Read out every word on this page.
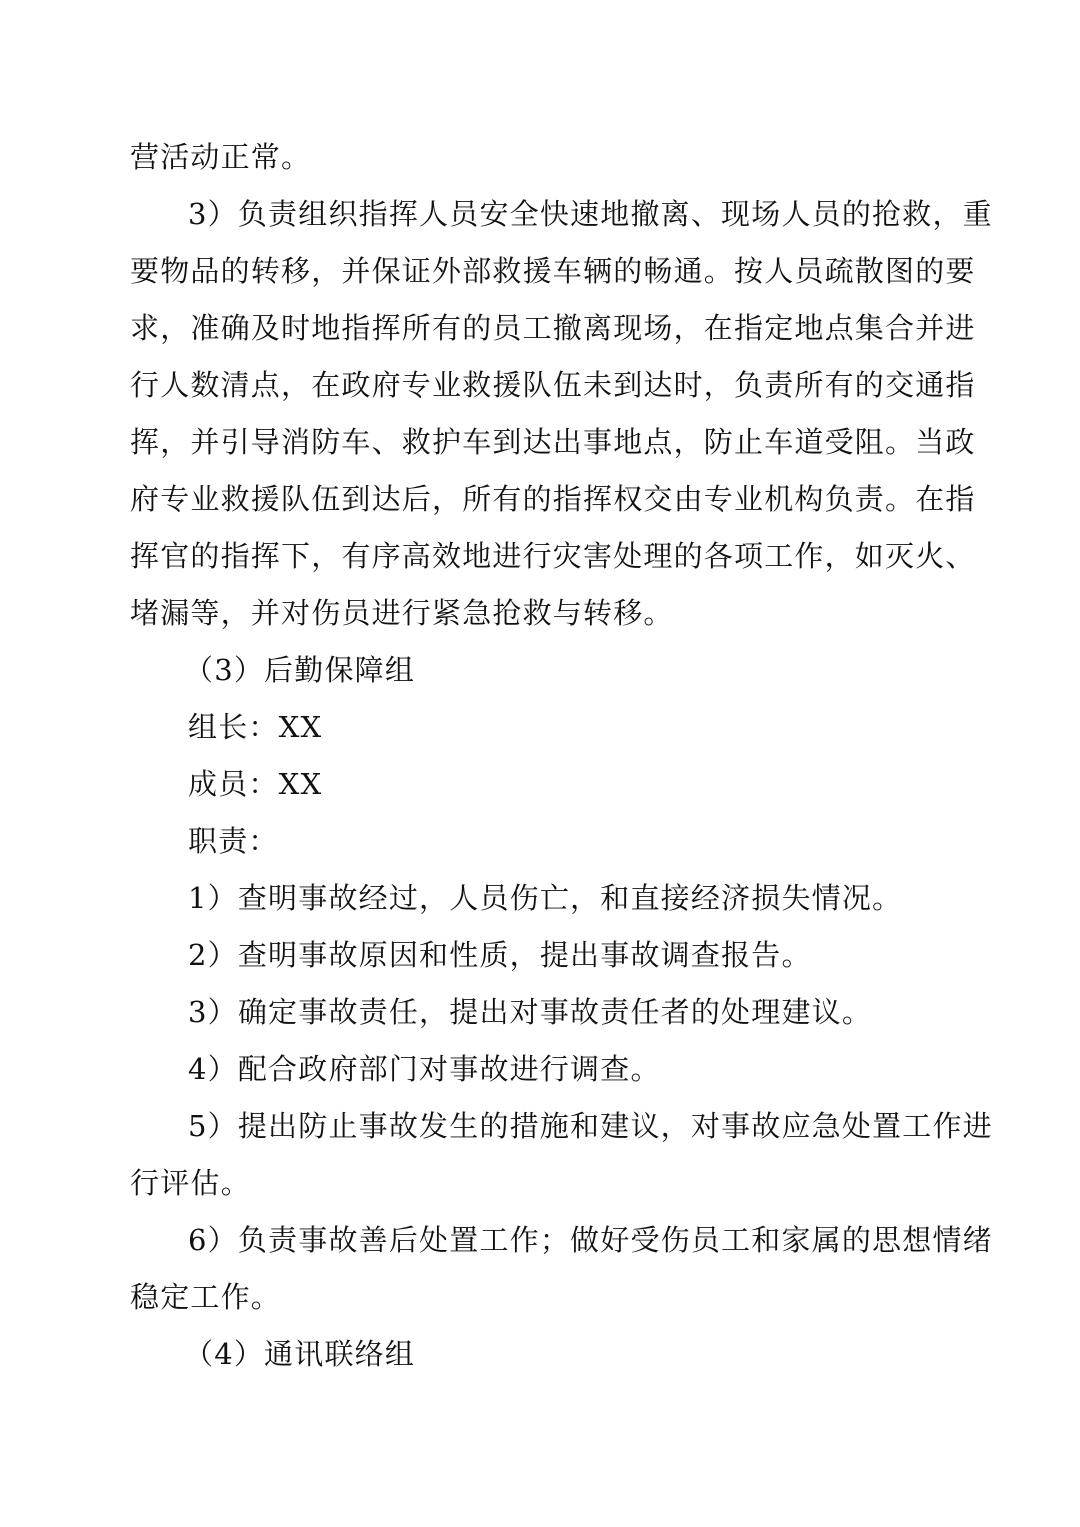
营活动正常。
3）负责组织指挥人员安全快速地撤离、现场人员的抢救，重
要物品的转移，并保证外部救援车辆的畅通。按人员疏散图的要
求，准确及时地指挥所有的员工撤离现场，在指定地点集合并进
行人数清点，在政府专业救援队伍未到达时，负责所有的交通指
挥，并引导消防车、救护车到达出事地点，防止车道受阻。当政
府专业救援队伍到达后，所有的指挥权交由专业机构负责。在指
挥官的指挥下，有序高效地进行灾害处理的各项工作，如灭火、
堵漏等，并对伤员进行紧急抢救与转移。
（3）后勤保障组
组长：XX
成员：XX
职责：
1）查明事故经过，人员伤亡，和直接经济损失情况。
2）查明事故原因和性质，提出事故调查报告。
3）确定事故责任，提出对事故责任者的处理建议。
4）配合政府部门对事故进行调查。
5）提出防止事故发生的措施和建议，对事故应急处置工作进
行评估。
6）负责事故善后处置工作；做好受伤员工和家属的思想情绪
稳定工作。
（4）通讯联络组
